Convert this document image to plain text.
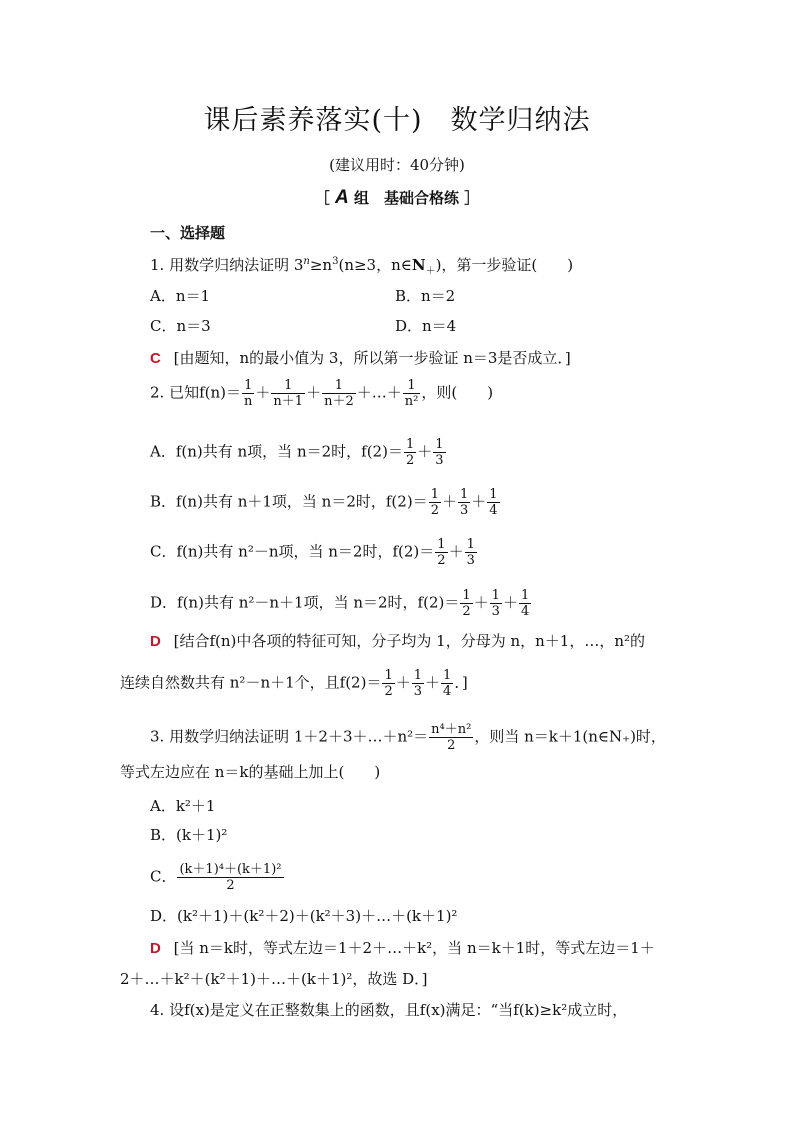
课后素养落实(十)　数学归纳法
(建议用时：40分钟)
［ A 组　基础合格练 ］
一、选择题
1. 用数学归纳法证明 $3^n\ge n^3(n\ge 3$，$n\in N_+$)，第一步验证(　　)
A．n＝1	B．n＝2
C．n＝3	D．n＝4
C [由题知，n的最小值为 3，所以第一步验证 n＝3是否成立．]
2. 已知$f(n)= \frac{1}{n} + \frac{1}{n+1} + \frac{1}{n+2}$ ＋…＋ $\frac{1}{\text{n²}}$ ，则(　　)
A．f(n)共有 n项，当 n＝2时，$f(2)= \frac{1}{2} + \frac{1}{3}$
B．f(n)共有 n＋1项，当 n＝2时，$f(2)= \frac{1}{2} + \frac{1}{3} + \frac{1}{4}$
C．f(n)共有 n²－n项，当 n＝2时，$f(2)= \frac{1}{2} + \frac{1}{3}$
D．f(n)共有 n²－n＋1项，当 n＝2时，$f(2)= \frac{1}{2} + \frac{1}{3} + \frac{1}{4}$
D [结合f(n)中各项的特征可知，分子均为 1，分母为 n，n＋1，…，n²的
连续自然数共有 n²－n＋1个，且$f(2)= \frac{1}{2} + \frac{1}{3} + \frac{1}{4}$ ．]
3. 用数学归纳法证明 1＋2＋3＋…＋n²＝ $\frac{\text{n⁴＋n²}}{2}$ ，则当 n＝k＋1(n∈N₊)时，
等式左边应在 n＝k的基础上加上(　　)
A．k²＋1
B．(k＋1)²
C． $\frac{\text{(k＋1)⁴＋(k＋1)²}}{2}$
D．(k²＋1)＋(k²＋2)＋(k²＋3)＋…＋(k＋1)²
D [当 n＝k时，等式左边＝1＋2＋…＋k²，当 n＝k＋1时，等式左边＝1＋
2＋…＋k²＋(k²＋1)＋…＋(k＋1)²，故选 D．]
4. 设f(x)是定义在正整数集上的函数，且f(x)满足：“当f(k)≥k²成立时，
